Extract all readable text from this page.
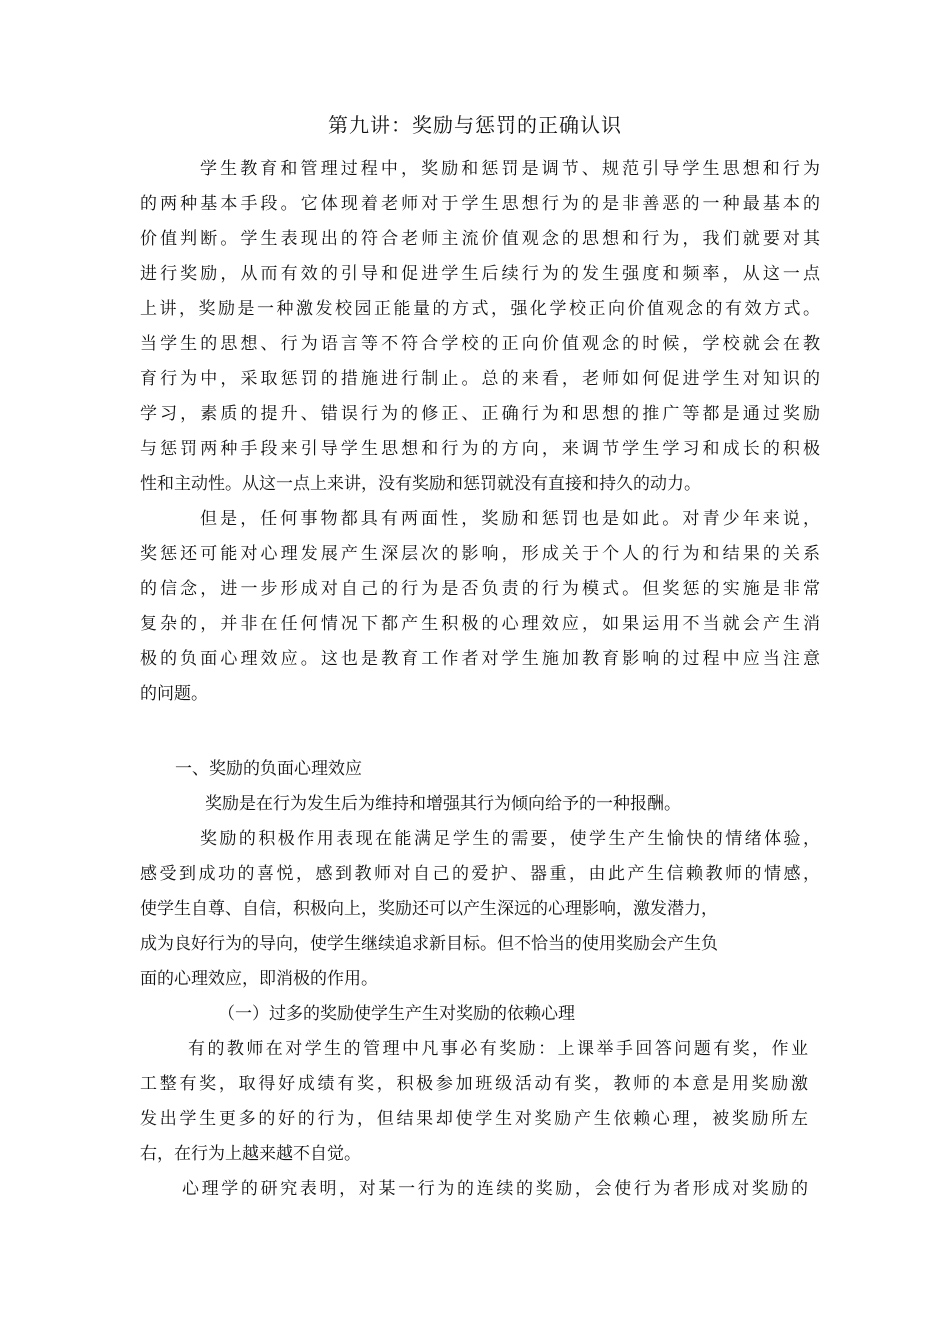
第九讲：奖励与惩罚的正确认识
学生教育和管理过程中，奖励和惩罚是调节、规范引导学生思想和行为
的两种基本手段。它体现着老师对于学生思想行为的是非善恶的一种最基本的
价值判断。学生表现出的符合老师主流价值观念的思想和行为，我们就要对其
进行奖励，从而有效的引导和促进学生后续行为的发生强度和频率，从这一点
上讲，奖励是一种激发校园正能量的方式，强化学校正向价值观念的有效方式。
当学生的思想、行为语言等不符合学校的正向价值观念的时候，学校就会在教
育行为中，采取惩罚的措施进行制止。总的来看，老师如何促进学生对知识的
学习，素质的提升、错误行为的修正、正确行为和思想的推广等都是通过奖励
与惩罚两种手段来引导学生思想和行为的方向，来调节学生学习和成长的积极
性和主动性。从这一点上来讲，没有奖励和惩罚就没有直接和持久的动力。
但是，任何事物都具有两面性，奖励和惩罚也是如此。对青少年来说，
奖惩还可能对心理发展产生深层次的影响，形成关于个人的行为和结果的关系
的信念，进一步形成对自己的行为是否负责的行为模式。但奖惩的实施是非常
复杂的，并非在任何情况下都产生积极的心理效应，如果运用不当就会产生消
极的负面心理效应。这也是教育工作者对学生施加教育影响的过程中应当注意
的问题。
一、奖励的负面心理效应
奖励是在行为发生后为维持和增强其行为倾向给予的一种报酬。
奖励的积极作用表现在能满足学生的需要，使学生产生愉快的情绪体验，
感受到成功的喜悦，感到教师对自己的爱护、器重，由此产生信赖教师的情感，
使学生自尊、自信，积极向上，奖励还可以产生深远的心理影响，激发潜力，
成为良好行为的导向，使学生继续追求新目标。但不恰当的使用奖励会产生负
面的心理效应，即消极的作用。
（一）过多的奖励使学生产生对奖励的依赖心理
有的教师在对学生的管理中凡事必有奖励：上课举手回答问题有奖，作业
工整有奖，取得好成绩有奖，积极参加班级活动有奖，教师的本意是用奖励激
发出学生更多的好的行为，但结果却使学生对奖励产生依赖心理，被奖励所左
右，在行为上越来越不自觉。
心理学的研究表明，对某一行为的连续的奖励，会使行为者形成对奖励的
